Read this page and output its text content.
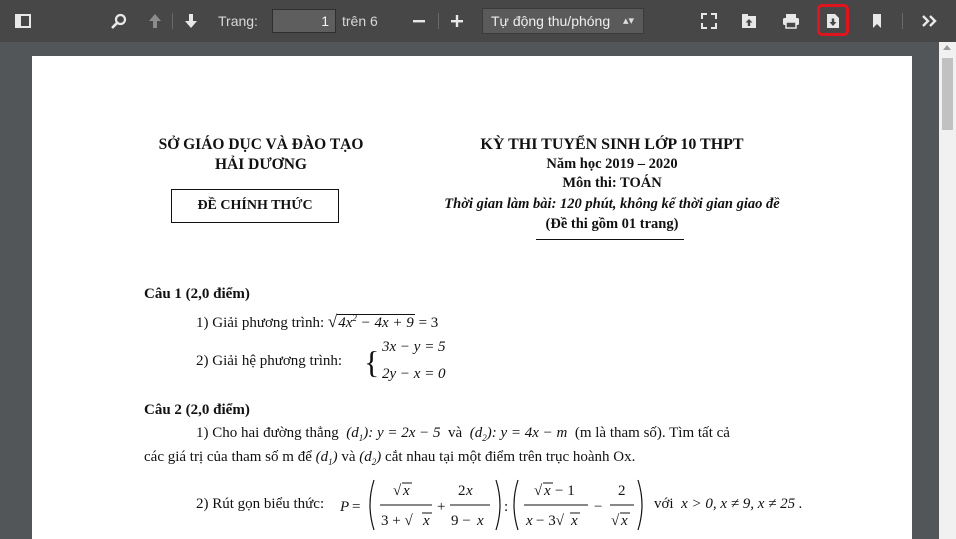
Trang:	1 trên 6	Tự động thu/phóng ▴▾
SỞ GIÁO DỤC VÀ ĐÀO TẠO
HẢI DƯƠNG
ĐỀ CHÍNH THỨC
KỲ THI TUYỂN SINH LỚP 10 THPT
Năm học 2019 – 2020
Môn thi: TOÁN
Thời gian làm bài: 120 phút, không kể thời gian giao đề
(Đề thi gồm 01 trang)
Câu 1 (2,0 điểm)
1) Giải phương trình: $√4x^2 - 4x + 9 = 3$
2) Giải hệ phương trình: { 3x − y = 5
2y − x = 0
Câu 2 (2,0 điểm)
1) Cho hai đường thẳng  $(d_1)$: y = 2x − 5  và  $(d_2)$: y = 4x − m  (m là tham số). Tìm tất cả
các giá trị của tham số m để $(d_1)$ và $(d_2)$ cắt nhau tại một điểm trên trục hoành Ox.
2) Rút gọn biểu thức: P =
√ x
3 + √ x
+
2 x
9 − x
:
√ x − 1
x − 3√ x
−
2
√ x
với  x > 0, x ≠ 9, x ≠ 25 .
